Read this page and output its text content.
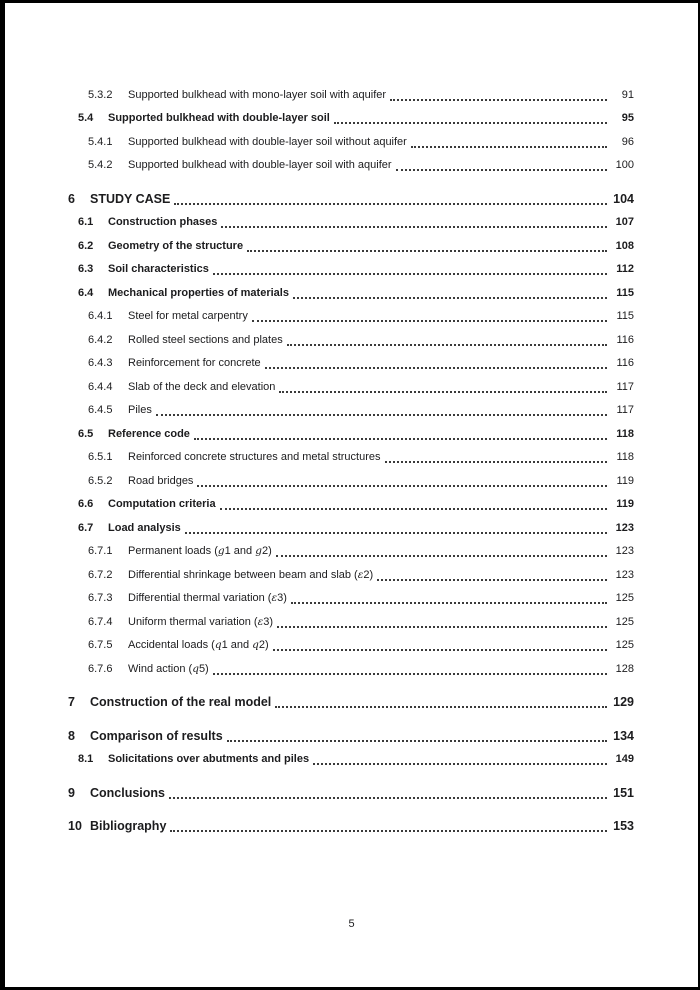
5.3.2	Supported bulkhead with mono-layer soil with aquifer	91
5.4	Supported bulkhead with double-layer soil	95
5.4.1	Supported bulkhead with double-layer soil without aquifer	96
5.4.2	Supported bulkhead with double-layer soil with aquifer	100
6	STUDY CASE	104
6.1	Construction phases	107
6.2	Geometry of the structure	108
6.3	Soil characteristics	112
6.4	Mechanical properties of materials	115
6.4.1	Steel for metal carpentry	115
6.4.2	Rolled steel sections and plates	116
6.4.3	Reinforcement for concrete	116
6.4.4	Slab of the deck and elevation	117
6.4.5	Piles	117
6.5	Reference code	118
6.5.1	Reinforced concrete structures and metal structures	118
6.5.2	Road bridges	119
6.6	Computation criteria	119
6.7	Load analysis	123
6.7.1	Permanent loads (g1 and g2)	123
6.7.2	Differential shrinkage between beam and slab (ε2)	123
6.7.3	Differential thermal variation (ε3)	125
6.7.4	Uniform thermal variation (ε3)	125
6.7.5	Accidental loads (q1 and q2)	125
6.7.6	Wind action (q5)	128
7	Construction of the real model	129
8	Comparison of results	134
8.1	Solicitations over abutments and piles	149
9	Conclusions	151
10 Bibliography	153
5
